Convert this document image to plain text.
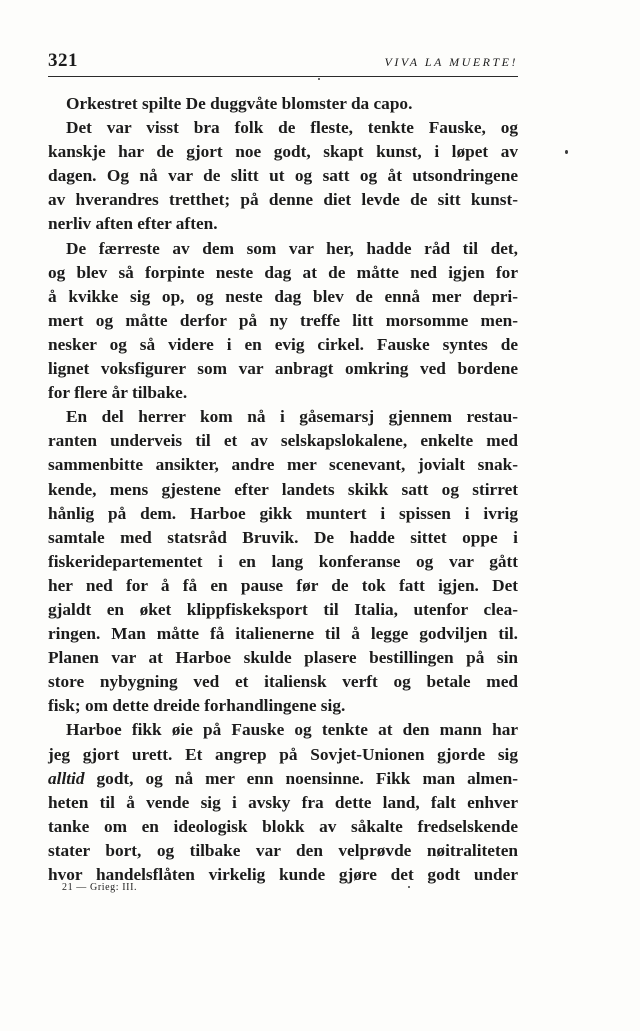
321	VIVA LA MUERTE!

Orkestret spilte De duggvåte blomster da capo.

Det var visst bra folk de fleste, tenkte Fauske, og
kanskje har de gjort noe godt, skapt kunst, i løpet av
dagen. Og nå var de slitt ut og satt og åt utsondringene
av hverandres tretthet; på denne diet levde de sitt kunst-
nerliv aften efter aften.

De færreste av dem som var her, hadde råd til det,
og blev så forpinte neste dag at de måtte ned igjen for
å kvikke sig op, og neste dag blev de ennå mer depri-
mert og måtte derfor på ny treffe litt morsomme men-
nesker og så videre i en evig cirkel. Fauske syntes de
lignet voksfigurer som var anbragt omkring ved bordene
for flere år tilbake.

En del herrer kom nå i gåsemarsj gjennem restau-
ranten underveis til et av selskapslokalene, enkelte med
sammenbitte ansikter, andre mer scenevant, jovialt snak-
kende, mens gjestene efter landets skikk satt og stirret
hånlig på dem. Harboe gikk muntert i spissen i ivrig
samtale med statsråd Bruvik. De hadde sittet oppe i
fiskeridepartementet i en lang konferanse og var gått
her ned for å få en pause før de tok fatt igjen. Det
gjaldt en øket klippfiskeksport til Italia, utenfor clea-
ringen. Man måtte få italienerne til å legge godviljen til.
Planen var at Harboe skulde plasere bestillingen på sin
store nybygning ved et italiensk verft og betale med
fisk; om dette dreide forhandlingene sig.

Harboe fikk øie på Fauske og tenkte at den mann har
jeg gjort urett. Et angrep på Sovjet-Unionen gjorde sig
alltid godt, og nå mer enn noensinne. Fikk man almen-
heten til å vende sig i avsky fra dette land, falt enhver
tanke om en ideologisk blokk av såkalte fredselskende
stater bort, og tilbake var den velprøvde nøitraliteten
hvor handelsflåten virkelig kunde gjøre det godt under

21 — Grieg: III.
